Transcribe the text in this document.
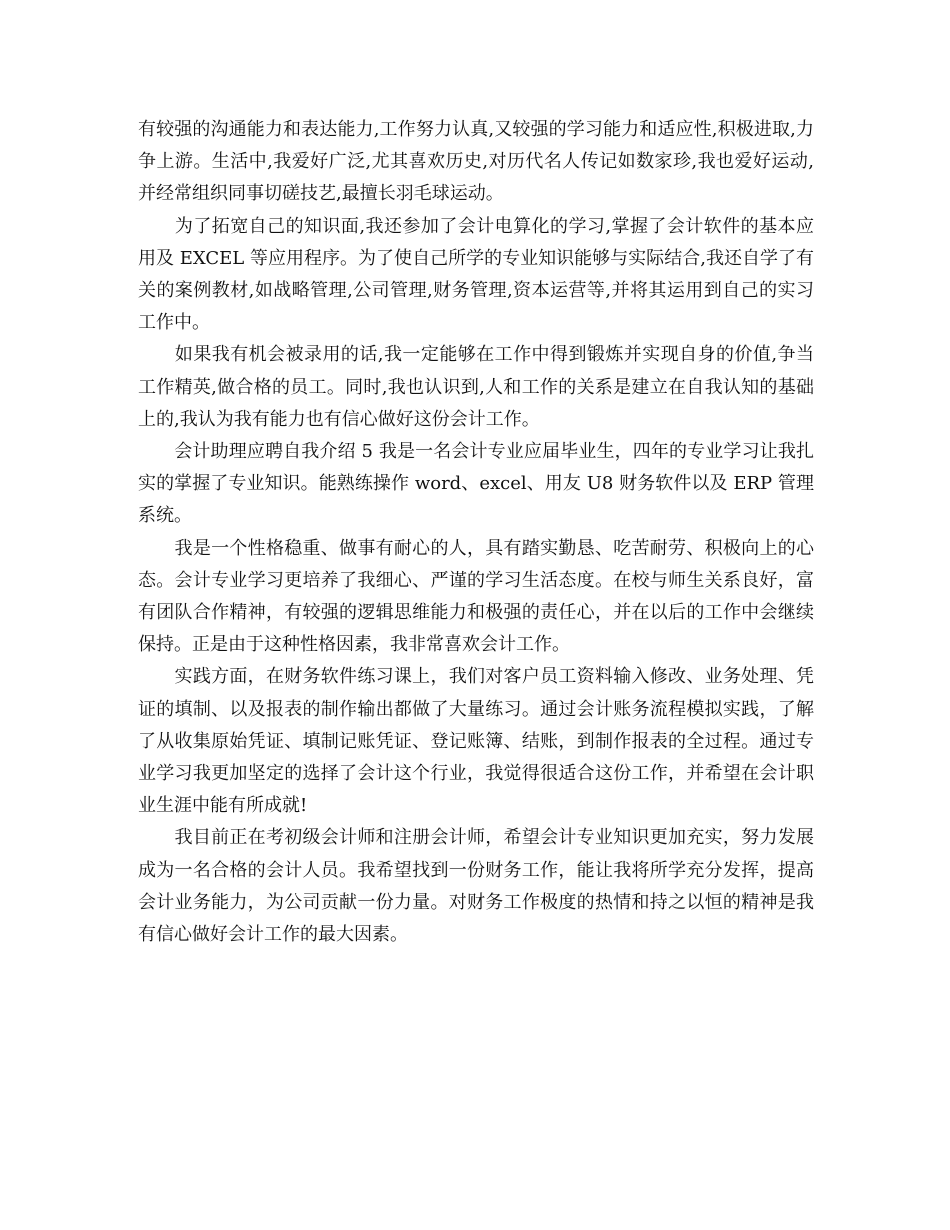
有较强的沟通能力和表达能力,工作努力认真,又较强的学习能力和适应性,积极进取,力争上游。生活中,我爱好广泛,尤其喜欢历史,对历代名人传记如数家珍,我也爱好运动,并经常组织同事切磋技艺,最擅长羽毛球运动。

　　为了拓宽自己的知识面,我还参加了会计电算化的学习,掌握了会计软件的基本应用及 EXCEL 等应用程序。为了使自己所学的专业知识能够与实际结合,我还自学了有关的案例教材,如战略管理,公司管理,财务管理,资本运营等,并将其运用到自己的实习工作中。

　　如果我有机会被录用的话,我一定能够在工作中得到锻炼并实现自身的价值,争当工作精英,做合格的员工。同时,我也认识到,人和工作的关系是建立在自我认知的基础上的,我认为我有能力也有信心做好这份会计工作。

　　会计助理应聘自我介绍 5 我是一名会计专业应届毕业生，四年的专业学习让我扎实的掌握了专业知识。能熟练操作 word、excel、用友 U8 财务软件以及 ERP 管理系统。

　　我是一个性格稳重、做事有耐心的人，具有踏实勤恳、吃苦耐劳、积极向上的心态。会计专业学习更培养了我细心、严谨的学习生活态度。在校与师生关系良好，富有团队合作精神，有较强的逻辑思维能力和极强的责任心，并在以后的工作中会继续保持。正是由于这种性格因素，我非常喜欢会计工作。

　　实践方面，在财务软件练习课上，我们对客户员工资料输入修改、业务处理、凭证的填制、以及报表的制作输出都做了大量练习。通过会计账务流程模拟实践，了解了从收集原始凭证、填制记账凭证、登记账簿、结账，到制作报表的全过程。通过专业学习我更加坚定的选择了会计这个行业，我觉得很适合这份工作，并希望在会计职业生涯中能有所成就!

　　我目前正在考初级会计师和注册会计师，希望会计专业知识更加充实，努力发展成为一名合格的会计人员。我希望找到一份财务工作，能让我将所学充分发挥，提高会计业务能力，为公司贡献一份力量。对财务工作极度的热情和持之以恒的精神是我有信心做好会计工作的最大因素。
